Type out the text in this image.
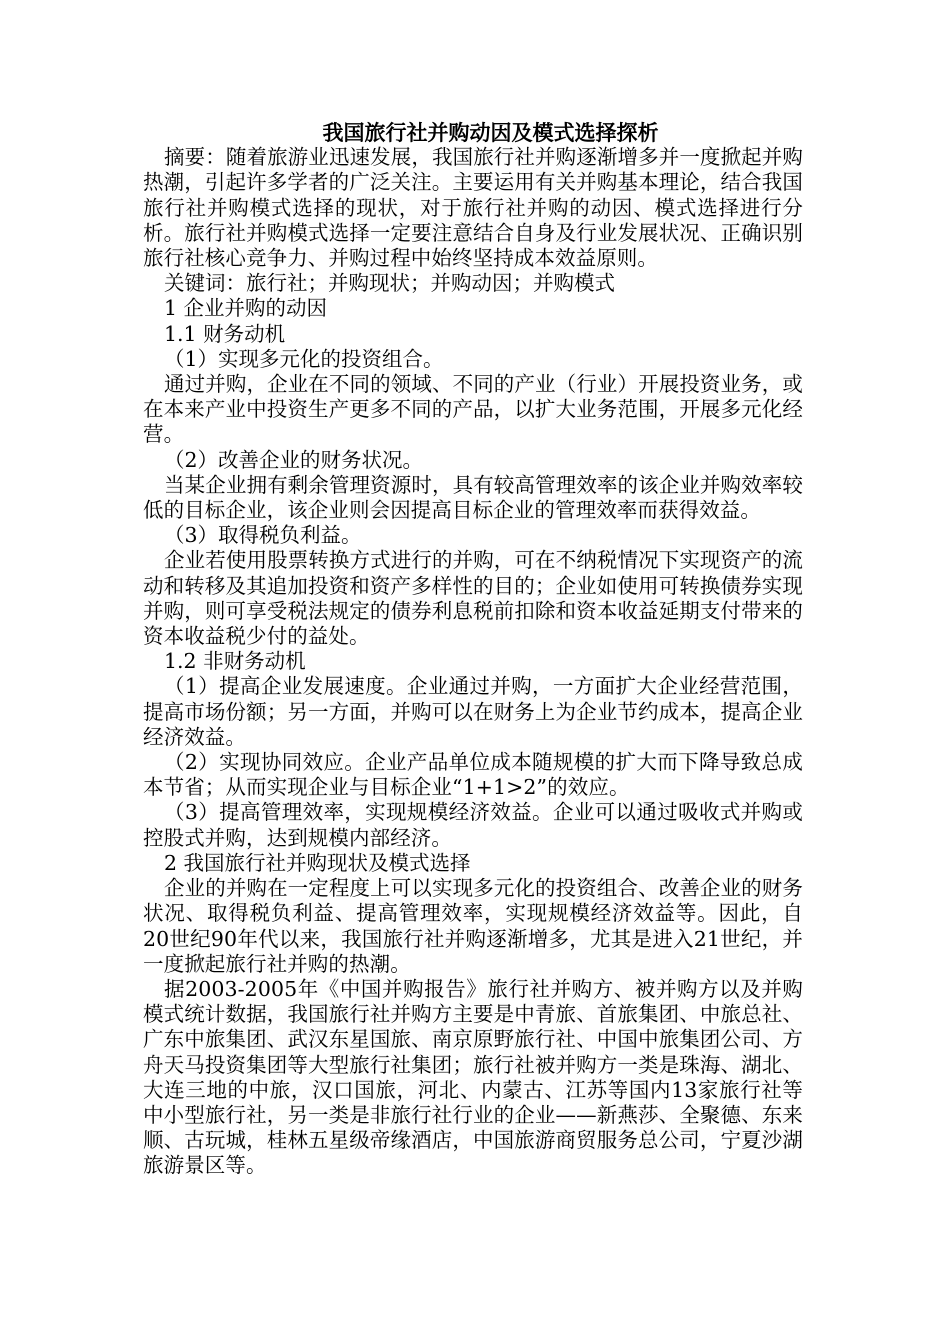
我国旅行社并购动因及模式选择探析

摘要：随着旅游业迅速发展，我国旅行社并购逐渐增多并一度掀起并购热潮，引起许多学者的广泛关注。主要运用有关并购基本理论，结合我国旅行社并购模式选择的现状，对于旅行社并购的动因、模式选择进行分析。旅行社并购模式选择一定要注意结合自身及行业发展状况、正确识别旅行社核心竞争力、并购过程中始终坚持成本效益原则。

关键词：旅行社；并购现状；并购动因；并购模式

1 企业并购的动因

1.1 财务动机

（1）实现多元化的投资组合。

通过并购，企业在不同的领域、不同的产业（行业）开展投资业务，或在本来产业中投资生产更多不同的产品，以扩大业务范围，开展多元化经营。

（2）改善企业的财务状况。

当某企业拥有剩余管理资源时，具有较高管理效率的该企业并购效率较低的目标企业，该企业则会因提高目标企业的管理效率而获得效益。

（3）取得税负利益。

企业若使用股票转换方式进行的并购，可在不纳税情况下实现资产的流动和转移及其追加投资和资产多样性的目的；企业如使用可转换债券实现并购，则可享受税法规定的债券利息税前扣除和资本收益延期支付带来的资本收益税少付的益处。

1.2 非财务动机

（1）提高企业发展速度。企业通过并购，一方面扩大企业经营范围，提高市场份额；另一方面，并购可以在财务上为企业节约成本，提高企业经济效益。

（2）实现协同效应。企业产品单位成本随规模的扩大而下降导致总成本节省；从而实现企业与目标企业“1+1>2”的效应。

（3）提高管理效率，实现规模经济效益。企业可以通过吸收式并购或控股式并购，达到规模内部经济。

2 我国旅行社并购现状及模式选择

企业的并购在一定程度上可以实现多元化的投资组合、改善企业的财务状况、取得税负利益、提高管理效率，实现规模经济效益等。因此，自20世纪90年代以来，我国旅行社并购逐渐增多，尤其是进入21世纪，并一度掀起旅行社并购的热潮。

据2003-2005年《中国并购报告》旅行社并购方、被并购方以及并购模式统计数据，我国旅行社并购方主要是中青旅、首旅集团、中旅总社、广东中旅集团、武汉东星国旅、南京原野旅行社、中国中旅集团公司、方舟天马投资集团等大型旅行社集团；旅行社被并购方一类是珠海、湖北、大连三地的中旅，汉口国旅，河北、内蒙古、江苏等国内13家旅行社等中小型旅行社，另一类是非旅行社行业的企业——新燕莎、全聚德、东来顺、古玩城，桂林五星级帝缘酒店，中国旅游商贸服务总公司，宁夏沙湖旅游景区等。
